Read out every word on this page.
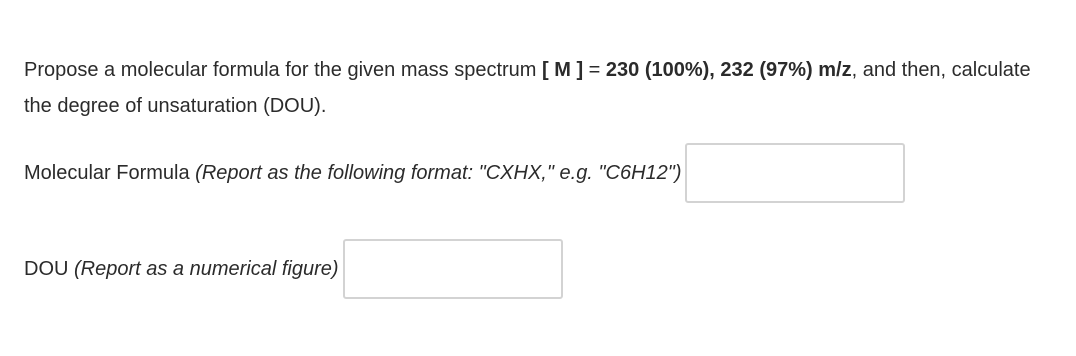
Propose a molecular formula for the given mass spectrum [ M ] = 230 (100%), 232 (97%) m/z, and then, calculate the degree of unsaturation (DOU).

Molecular Formula (Report as the following format: "CXHX," e.g. "C6H12")
DOU (Report as a numerical figure)
